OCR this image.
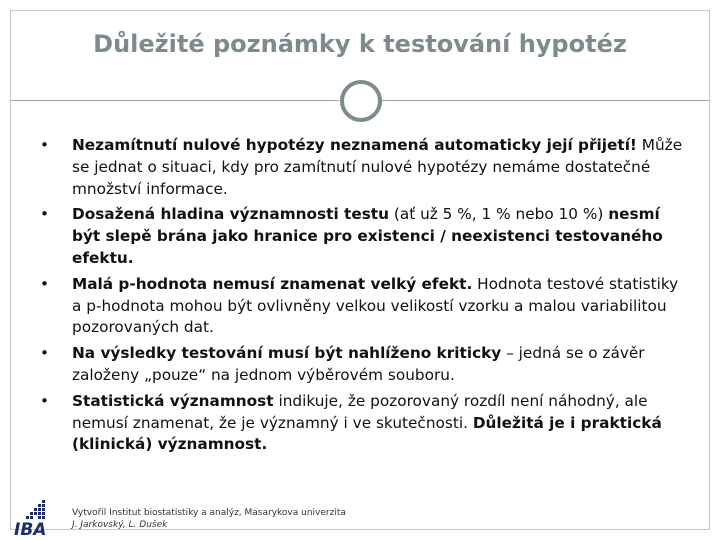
Důležité poznámky k testování hypotéz
• Nezamítnutí nulové hypotézy neznamená automaticky její přijetí! Může se jednat o situaci, kdy pro zamítnutí nulové hypotézy nemáme dostatečné množství informace.
• Dosažená hladina významnosti testu (ať už 5 %, 1 % nebo 10 %) nesmí být slepě brána jako hranice pro existenci / neexistenci testovaného efektu.
• Malá p-hodnota nemusí znamenat velký efekt. Hodnota testové statistiky a p-hodnota mohou být ovlivněny velkou velikostí vzorku a malou variabilitou pozorovaných dat.
• Na výsledky testování musí být nahlíženo kriticky – jedná se o závěr založeny „pouze“ na jednom výběrovém souboru.
• Statistická významnost indikuje, že pozorovaný rozdíl není náhodný, ale nemusí znamenat, že je významný i ve skutečnosti. Důležitá je i praktická (klinická) významnost.
IBA
Vytvořil Institut biostatistiky a analýz, Masarykova univerzita
J. Jarkovský, L. Dušek
